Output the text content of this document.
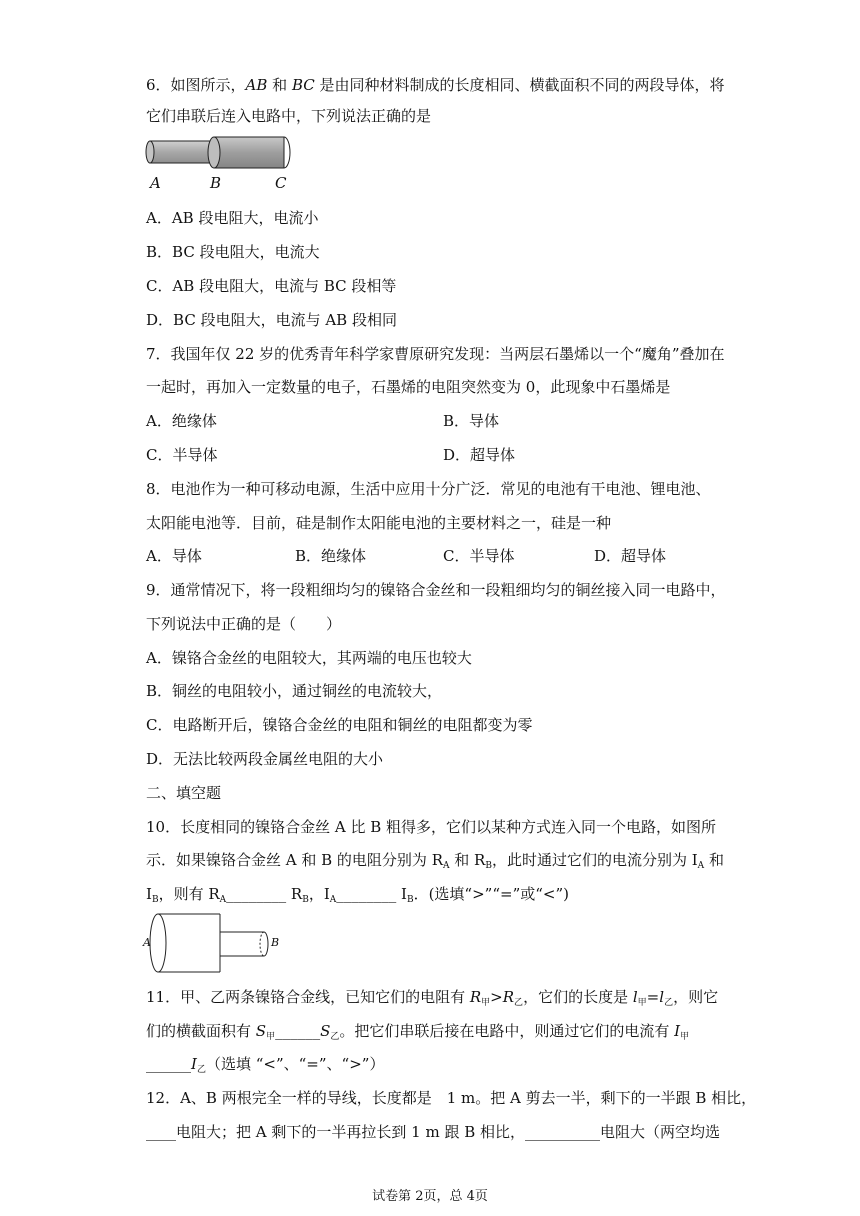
6．如图所示，AB 和 BC 是由同种材料制成的长度相同、横截面积不同的两段导体，将
它们串联后连入电路中，下列说法正确的是
A	B	C
A．AB 段电阻大，电流小
B．BC 段电阻大，电流大
C．AB 段电阻大，电流与 BC 段相等
D．BC 段电阻大，电流与 AB 段相同
7．我国年仅 22 岁的优秀青年科学家曹原研究发现：当两层石墨烯以一个“魔角”叠加在
一起时，再加入一定数量的电子，石墨烯的电阻突然变为 0，此现象中石墨烯是
A．绝缘体	B．导体
C．半导体	D．超导体
8．电池作为一种可移动电源，生活中应用十分广泛．常见的电池有干电池、锂电池、
太阳能电池等．目前，硅是制作太阳能电池的主要材料之一，硅是一种
A．导体	B．绝缘体	C．半导体	D．超导体
9．通常情况下，将一段粗细均匀的镍铬合金丝和一段粗细均匀的铜丝接入同一电路中，
下列说法中正确的是（　　）
A．镍铬合金丝的电阻较大，其两端的电压也较大
B．铜丝的电阻较小，通过铜丝的电流较大，
C．电路断开后，镍铬合金丝的电阻和铜丝的电阻都变为零
D．无法比较两段金属丝电阻的大小
二、填空题
10．长度相同的镍铬合金丝 A 比 B 粗得多，它们以某种方式连入同一个电路，如图所
示．如果镍铬合金丝 A 和 B 的电阻分别为 $R_A$ 和 $R_B$，此时通过它们的电流分别为 $I_A$ 和
$I_B$，则有 $R_A\_\_\_\_\_\_\_\_$ $R_B$，$I_A\_\_\_\_\_\_\_\_$ $I_B$．(选填“>”“=”或“<”)
A	B
11．甲、乙两条镍铬合金线，已知它们的电阻有 $R_甲>R_乙$，它们的长度是 $l_甲=l_乙$，则它
们的横截面积有 $S_甲\_\_\_\_\_\_S_乙$。把它们串联后接在电路中，则通过它们的电流有 $I_甲$
$\_\_\_\_\_\_I_乙$（选填 “<”、“=”、“>”）
12．A、B 两根完全一样的导线，长度都是　1 m。把 A 剪去一半，剩下的一半跟 B 相比，
____电阻大；把 A 剩下的一半再拉长到 1 m 跟 B 相比，__________电阻大（两空均选
试卷第 2页，总 4页
